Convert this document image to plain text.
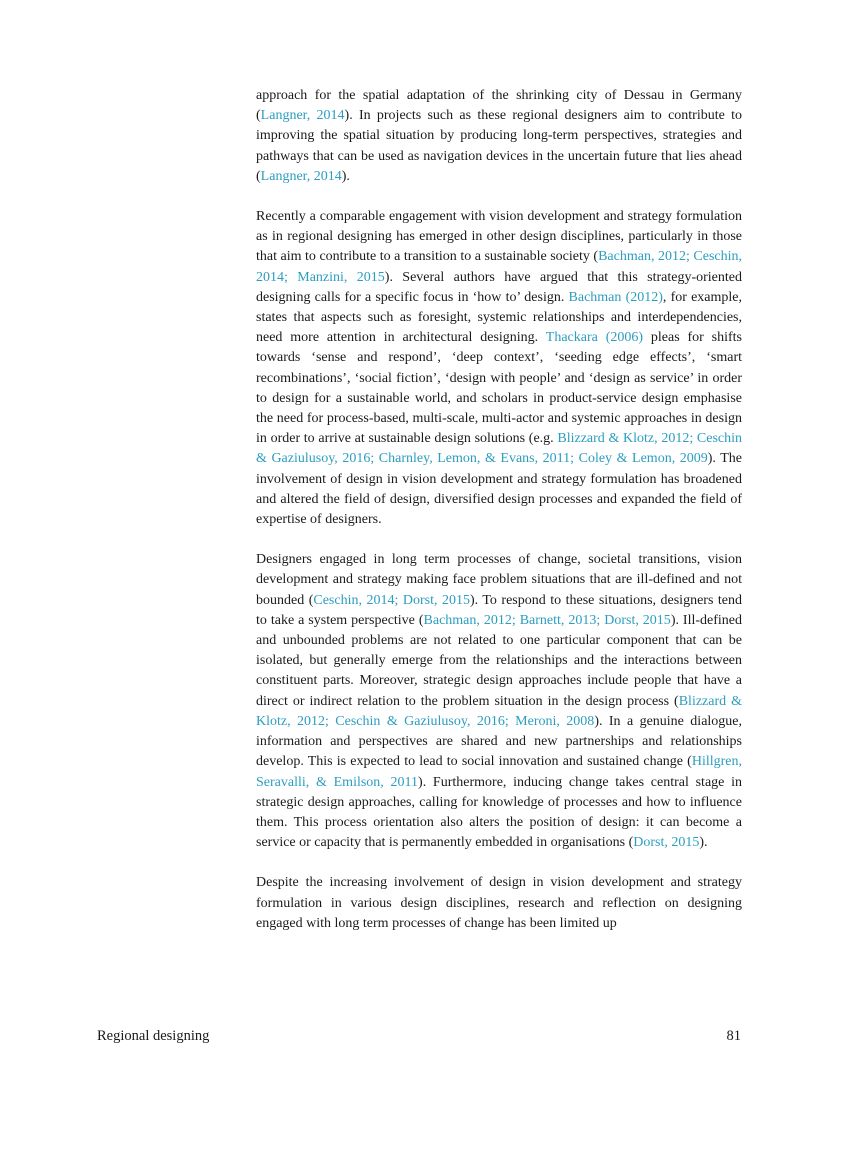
approach for the spatial adaptation of the shrinking city of Dessau in Germany (Langner, 2014). In projects such as these regional designers aim to contribute to improving the spatial situation by producing long-term perspectives, strategies and pathways that can be used as navigation devices in the uncertain future that lies ahead (Langner, 2014).

Recently a comparable engagement with vision development and strategy formulation as in regional designing has emerged in other design disciplines, particularly in those that aim to contribute to a transition to a sustainable society (Bachman, 2012; Ceschin, 2014; Manzini, 2015). Several authors have argued that this strategy-oriented designing calls for a specific focus in ‘how to’ design. Bachman (2012), for example, states that aspects such as foresight, systemic relationships and interdependencies, need more attention in architectural designing. Thackara (2006) pleas for shifts towards ‘sense and respond’, ‘deep context’, ‘seeding edge effects’, ‘smart recombinations’, ‘social fiction’, ‘design with people’ and ‘design as service’ in order to design for a sustainable world, and scholars in product-service design emphasise the need for process-based, multi-scale, multi-actor and systemic approaches in design in order to arrive at sustainable design solutions (e.g. Blizzard & Klotz, 2012; Ceschin & Gaziulusoy, 2016; Charnley, Lemon, & Evans, 2011; Coley & Lemon, 2009). The involvement of design in vision development and strategy formulation has broadened and altered the field of design, diversified design processes and expanded the field of expertise of designers.

Designers engaged in long term processes of change, societal transitions, vision development and strategy making face problem situations that are ill-defined and not bounded (Ceschin, 2014; Dorst, 2015). To respond to these situations, designers tend to take a system perspective (Bachman, 2012; Barnett, 2013; Dorst, 2015). Ill-defined and unbounded problems are not related to one particular component that can be isolated, but generally emerge from the relationships and the interactions between constituent parts. Moreover, strategic design approaches include people that have a direct or indirect relation to the problem situation in the design process (Blizzard & Klotz, 2012; Ceschin & Gaziulusoy, 2016; Meroni, 2008). In a genuine dialogue, information and perspectives are shared and new partnerships and relationships develop. This is expected to lead to social innovation and sustained change (Hillgren, Seravalli, & Emilson, 2011). Furthermore, inducing change takes central stage in strategic design approaches, calling for knowledge of processes and how to influence them. This process orientation also alters the position of design: it can become a service or capacity that is permanently embedded in organisations (Dorst, 2015).

Despite the increasing involvement of design in vision development and strategy formulation in various design disciplines, research and reflection on designing engaged with long term processes of change has been limited up

Regional designing	81
